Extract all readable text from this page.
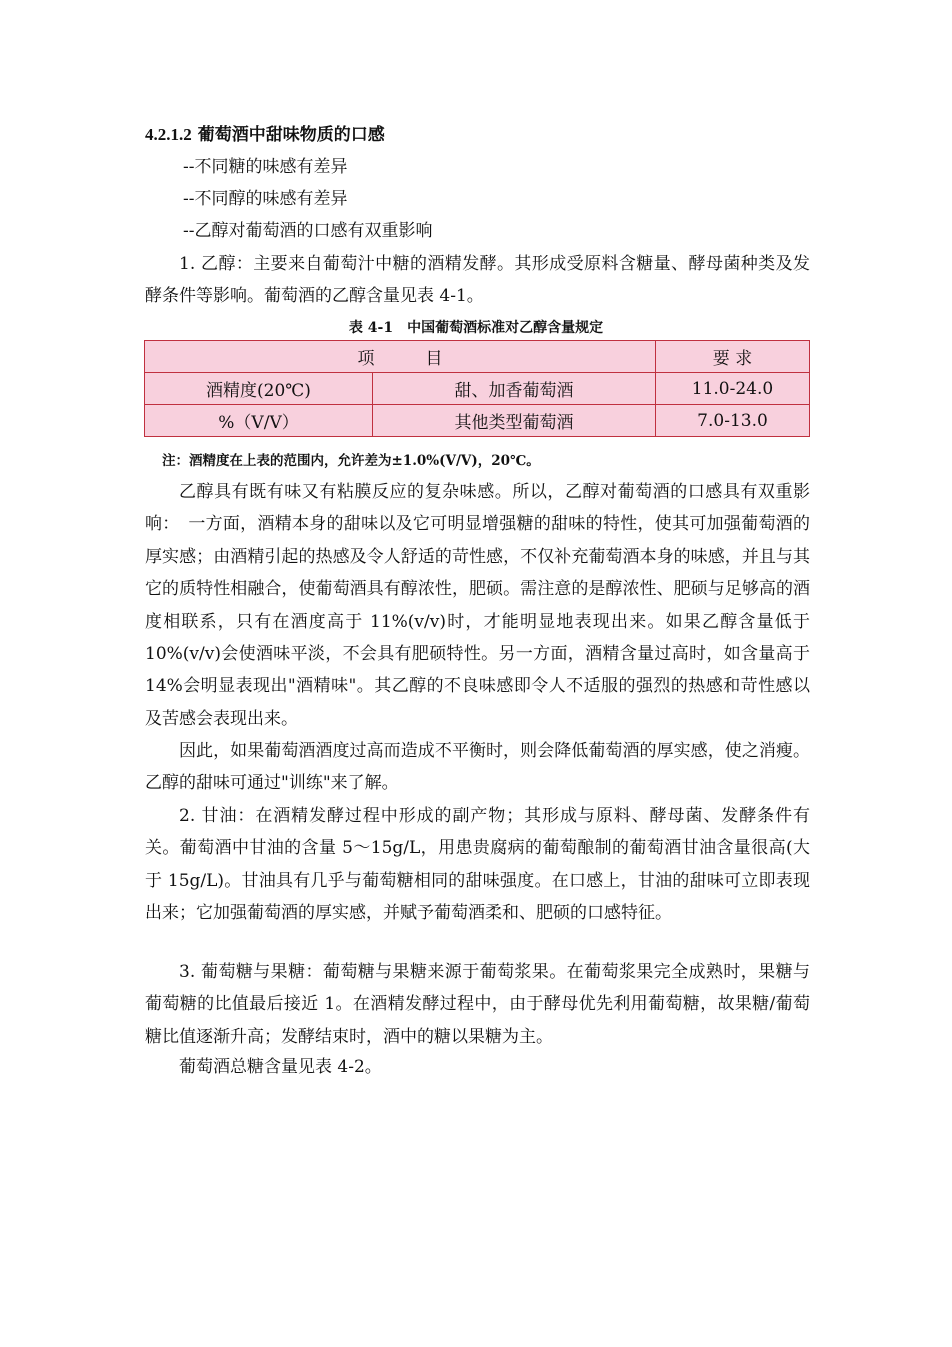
4.2.1.2 葡萄酒中甜味物质的口感
--不同糖的味感有差异
--不同醇的味感有差异
--乙醇对葡萄酒的口感有双重影响

1. 乙醇：主要来自葡萄汁中糖的酒精发酵。其形成受原料含糖量、酵母菌种类及发酵条件等影响。葡萄酒的乙醇含量见表 4-1。

表 4-1　中国葡萄酒标准对乙醇含量规定
项　　　目		要 求
酒精度(20℃)	甜、加香葡萄酒	11.0-24.0
%（V/V）	其他类型葡萄酒	7.0-13.0
注：酒精度在上表的范围内，允许差为±1.0%(V/V)，20℃。

乙醇具有既有味又有粘膜反应的复杂味感。所以，乙醇对葡萄酒的口感具有双重影响：　一方面，酒精本身的甜味以及它可明显增强糖的甜味的特性，使其可加强葡萄酒的厚实感；由酒精引起的热感及令人舒适的苛性感，不仅补充葡萄酒本身的味感，并且与其它的质特性相融合，使葡萄酒具有醇浓性，肥硕。需注意的是醇浓性、肥硕与足够高的酒度相联系，只有在酒度高于 11%(v/v)时，才能明显地表现出来。如果乙醇含量低于 10%(v/v)会使酒味平淡，不会具有肥硕特性。另一方面，酒精含量过高时，如含量高于 14%会明显表现出"酒精味"。其乙醇的不良味感即令人不适服的强烈的热感和苛性感以及苦感会表现出来。

因此，如果葡萄酒酒度过高而造成不平衡时，则会降低葡萄酒的厚实感，使之消瘦。乙醇的甜味可通过"训练"来了解。

2. 甘油：在酒精发酵过程中形成的副产物；其形成与原料、酵母菌、发酵条件有关。葡萄酒中甘油的含量 5～15g/L，用患贵腐病的葡萄酿制的葡萄酒甘油含量很高(大于 15g/L)。甘油具有几乎与葡萄糖相同的甜味强度。在口感上，甘油的甜味可立即表现出来；它加强葡萄酒的厚实感，并赋予葡萄酒柔和、肥硕的口感特征。

3. 葡萄糖与果糖：葡萄糖与果糖来源于葡萄浆果。在葡萄浆果完全成熟时，果糖与葡萄糖的比值最后接近 1。在酒精发酵过程中，由于酵母优先利用葡萄糖，故果糖/葡萄糖比值逐渐升高；发酵结束时，酒中的糖以果糖为主。

葡萄酒总糖含量见表 4-2。
